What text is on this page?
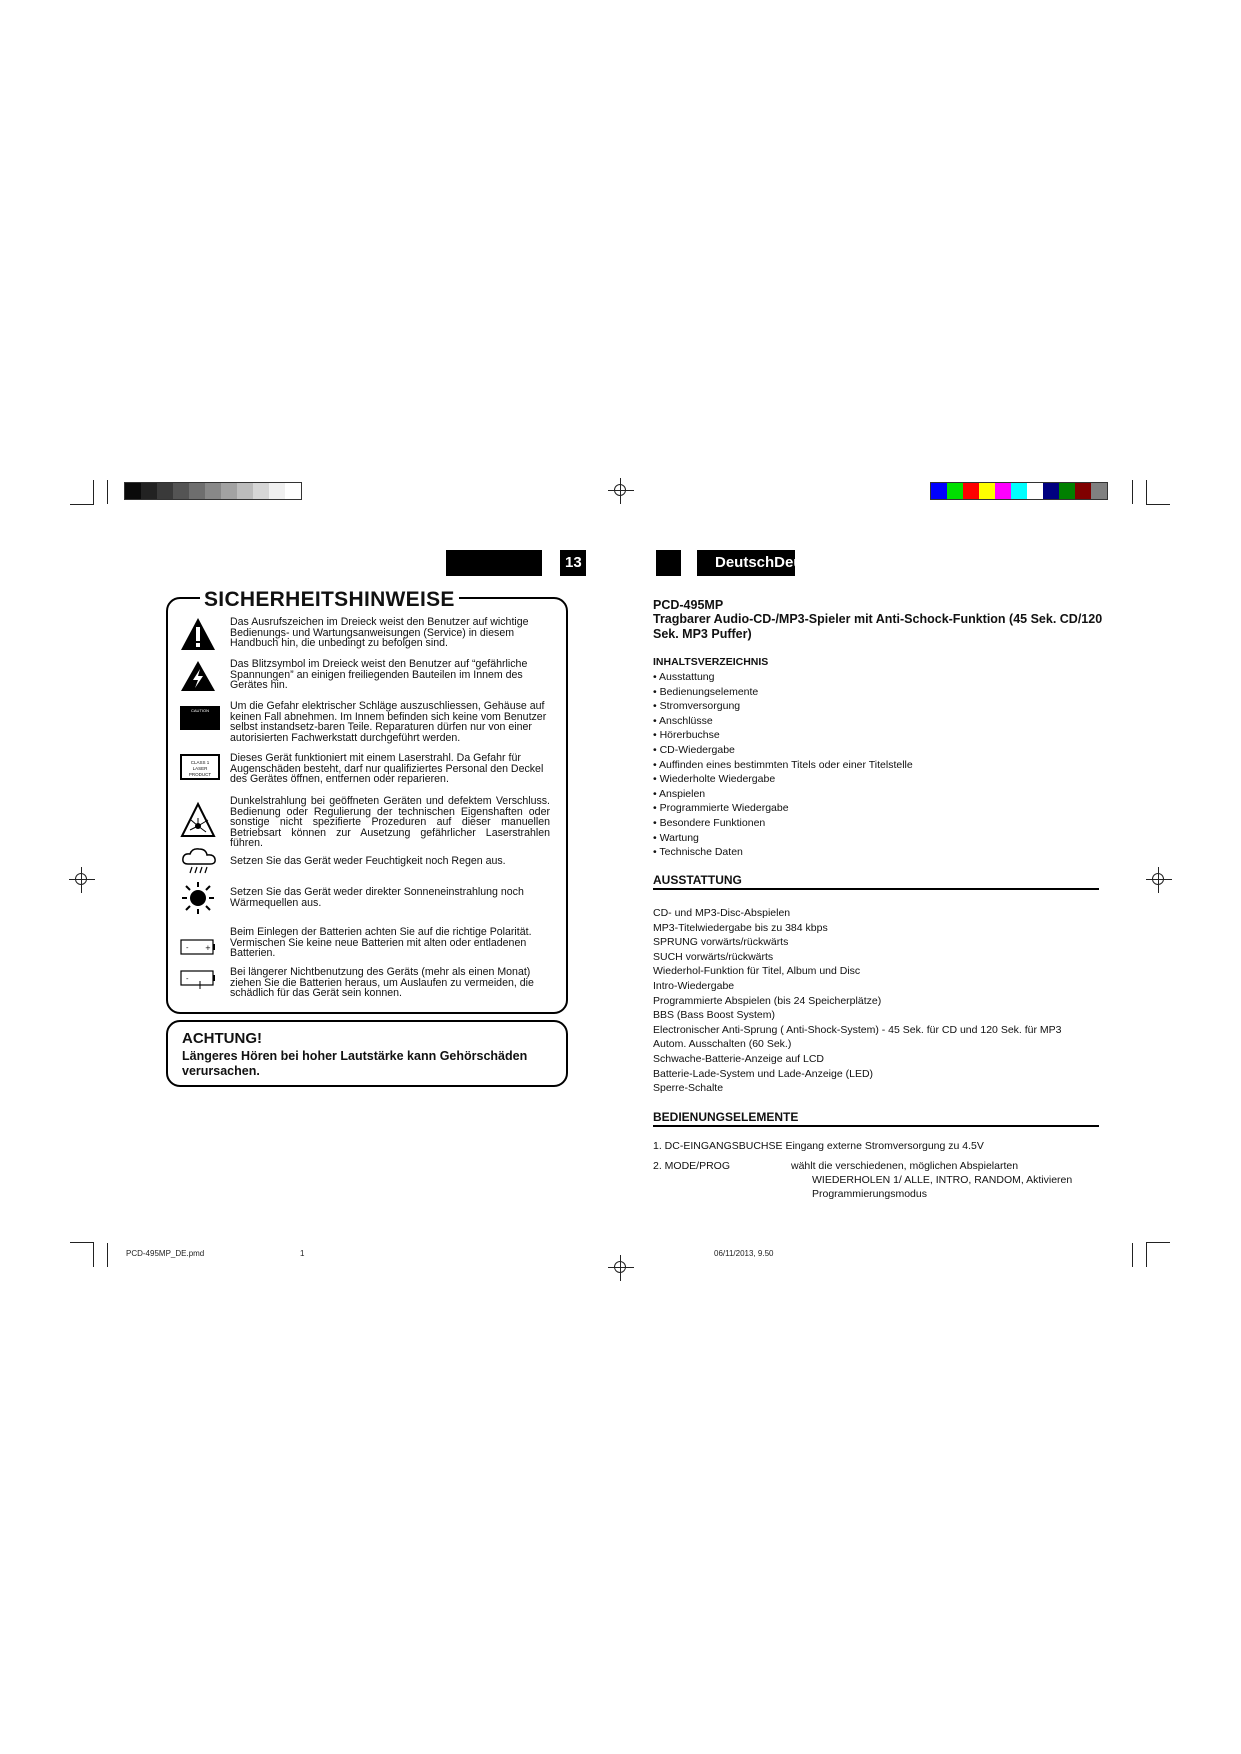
13 1	DeutschDeu
SICHERHEITSHINWEISE
Das Ausrufszeichen im Dreieck weist den Benutzer auf wichtige Bedienungs- und Wartungsanweisungen (Service) in diesem Handbuch hin, die unbedingt zu befolgen sind.
Das Blitzsymbol im Dreieck weist den Benutzer auf “gefährliche Spannungen” an einigen freiliegenden Bauteilen im Innem des Gerätes hin.
CAUTION	Um die Gefahr elektrischer Schläge auszuschliessen, Gehäuse auf keinen Fall abnehmen. Im Innem befinden sich keine vom Benutzer selbst instandsetz-baren Teile. Reparaturen dürfen nur von einer autorisierten Fachwerkstatt durchgeführt werden.
CLASS 1
LASER PRODUCT
Dieses Gerät funktioniert mit einem Laserstrahl. Da Gefahr für Augenschäden besteht, darf nur qualifiziertes Personal den Deckel des Gerätes öffnen, entfernen oder reparieren.
Dunkelstrahlung bei geöffneten Geräten und defektem Verschluss. Bedienung oder Regulierung der technischen Eigenshaften oder sonstige nicht spezifierte Prozeduren auf dieser manuellen Betriebsart können zur Ausetzung gefährlicher Laserstrahlen führen.
Setzen Sie das Gerät weder Feuchtigkeit noch Regen aus.
Setzen Sie das Gerät weder direkter Sonneneinstrahlung noch Wärmequellen aus.
- +
Beim Einlegen der Batterien achten Sie auf die richtige Polarität. Vermischen Sie keine neue Batterien mit alten oder entladenen Batterien.
-
Bei längerer Nichtbenutzung des Geräts (mehr als einen Monat) ziehen Sie die Batterien heraus, um Auslaufen zu vermeiden, die schädlich für das Gerät sein konnen.
ACHTUNG!
Längeres Hören bei hoher Lautstärke kann Gehörschäden verursachen.
PCD-495MP
Tragbarer Audio-CD-/MP3-Spieler mit Anti-Schock-Funktion (45 Sek. CD/120 Sek. MP3 Puffer)
INHALTSVERZEICHNIS
• Ausstattung
• Bedienungselemente
• Stromversorgung
• Anschlüsse
• Hörerbuchse
• CD-Wiedergabe
• Auffinden eines bestimmten Titels oder einer Titelstelle
• Wiederholte Wiedergabe
• Anspielen
• Programmierte Wiedergabe
• Besondere Funktionen
• Wartung
• Technische Daten
AUSSTATTUNG
CD- und MP3-Disc-Abspielen
MP3-Titelwiedergabe bis zu 384 kbps
SPRUNG vorwärts/rückwärts
SUCH vorwärts/rückwärts
Wiederhol-Funktion für Titel, Album und Disc
Intro-Wiedergabe
Programmierte Abspielen (bis 24 Speicherplätze)
BBS (Bass Boost System)
Electronischer Anti-Sprung ( Anti-Shock-System) - 45 Sek. für CD und 120 Sek. für MP3
Autom. Ausschalten (60 Sek.)
Schwache-Batterie-Anzeige auf LCD
Batterie-Lade-System und Lade-Anzeige (LED)
Sperre-Schalte
BEDIENUNGSELEMENTE
1. DC-EINGANGSBUCHSE Eingang externe Stromversorgung zu 4.5V
2. MODE/PROG	wählt die verschiedenen, möglichen Abspielarten
WIEDERHOLEN 1/ ALLE, INTRO, RANDOM, Aktivieren
Programmierungsmodus
PCD-495MP_DE.pmd	1	06/11/2013, 9.50
